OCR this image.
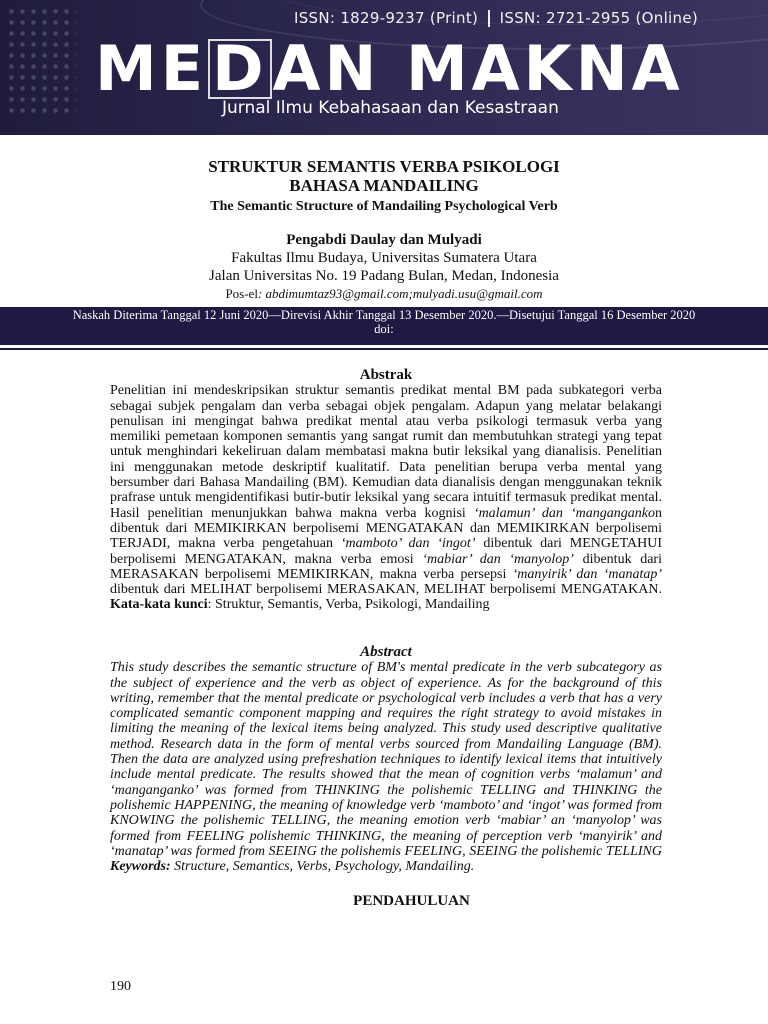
ISSN: 1829-9237 (Print) ISSN: 2721-2955 (Online)
MEDAN MAKNA
Jurnal Ilmu Kebahasaan dan Kesastraan
STRUKTUR SEMANTIS VERBA PSIKOLOGI

BAHASA MANDAILING
The Semantic Structure of Mandailing Psychological Verb
Pengabdi Daulay dan Mulyadi
Fakultas Ilmu Budaya, Universitas Sumatera Utara
Jalan Universitas No. 19 Padang Bulan, Medan, Indonesia
Pos-el: abdimumtaz93@gmail.com;mulyadi.usu@gmail.com
Naskah Diterima Tanggal 12 Juni 2020—Direvisi Akhir Tanggal 13 Desember 2020.—Disetujui Tanggal 16 Desember 2020
doi:
Abstrak

Penelitian ini mendeskripsikan struktur semantis predikat mental BM pada subkategori verba sebagai subjek pengalam dan verba sebagai objek pengalam. Adapun yang melatar belakangi penulisan ini mengingat bahwa predikat mental atau verba psikologi termasuk verba yang memiliki pemetaan komponen semantis yang sangat rumit dan membutuhkan strategi yang tepat untuk menghindari kekeliruan dalam membatasi makna butir leksikal yang dianalisis. Penelitian ini menggunakan metode deskriptif kualitatif. Data penelitian berupa verba mental yang bersumber dari Bahasa Mandailing (BM). Kemudian data dianalisis dengan menggunakan teknik prafrase untuk mengidentifikasi butir-butir leksikal yang secara intuitif termasuk predikat mental. Hasil penelitian menunjukkan bahwa makna verba kognisi ‘malamun’ dan ‘mangangankon dibentuk dari MEMIKIRKAN berpolisemi MENGATAKAN dan MEMIKIRKAN berpolisemi TERJADI, makna verba pengetahuan ‘mamboto’ dan ‘ingot’ dibentuk dari MENGETAHUI berpolisemi MENGATAKAN, makna verba emosi ‘mabiar’ dan ‘manyolop’ dibentuk dari MERASAKAN berpolisemi MEMIKIRKAN, makna verba persepsi ‘manyirik’ dan ‘manatap’ dibentuk dari MELIHAT berpolisemi MERASAKAN, MELIHAT berpolisemi MENGATAKAN. Kata-kata kunci: Struktur, Semantis, Verba, Psikologi, Mandailing

Abstract

This study describes the semantic structure of BM's mental predicate in the verb subcategory as the subject of experience and the verb as object of experience. As for the background of this writing, remember that the mental predicate or psychological verb includes a verb that has a very complicated semantic component mapping and requires the right strategy to avoid mistakes in limiting the meaning of the lexical items being analyzed. This study used descriptive qualitative method. Research data in the form of mental verbs sourced from Mandailing Language (BM). Then the data are analyzed using prefreshation techniques to identify lexical items that intuitively include mental predicate. The results showed that the mean of cognition verbs ‘malamun’ and ‘manganganko’ was formed from THINKING the polishemic TELLING and THINKING the polishemic HAPPENING, the meaning of knowledge verb ‘mamboto’ and ‘ingot’ was formed from KNOWING the polishemic TELLING, the meaning emotion verb ‘mabiar’ an ‘manyolop’ was formed from FEELING polishemic THINKING, the meaning of perception verb ‘manyirik’ and ‘manatap’ was formed from SEEING the polishemis FEELING, SEEING the polishemic TELLING Keywords: Structure, Semantics, Verbs, Psychology, Mandailing.

PENDAHULUAN
190
